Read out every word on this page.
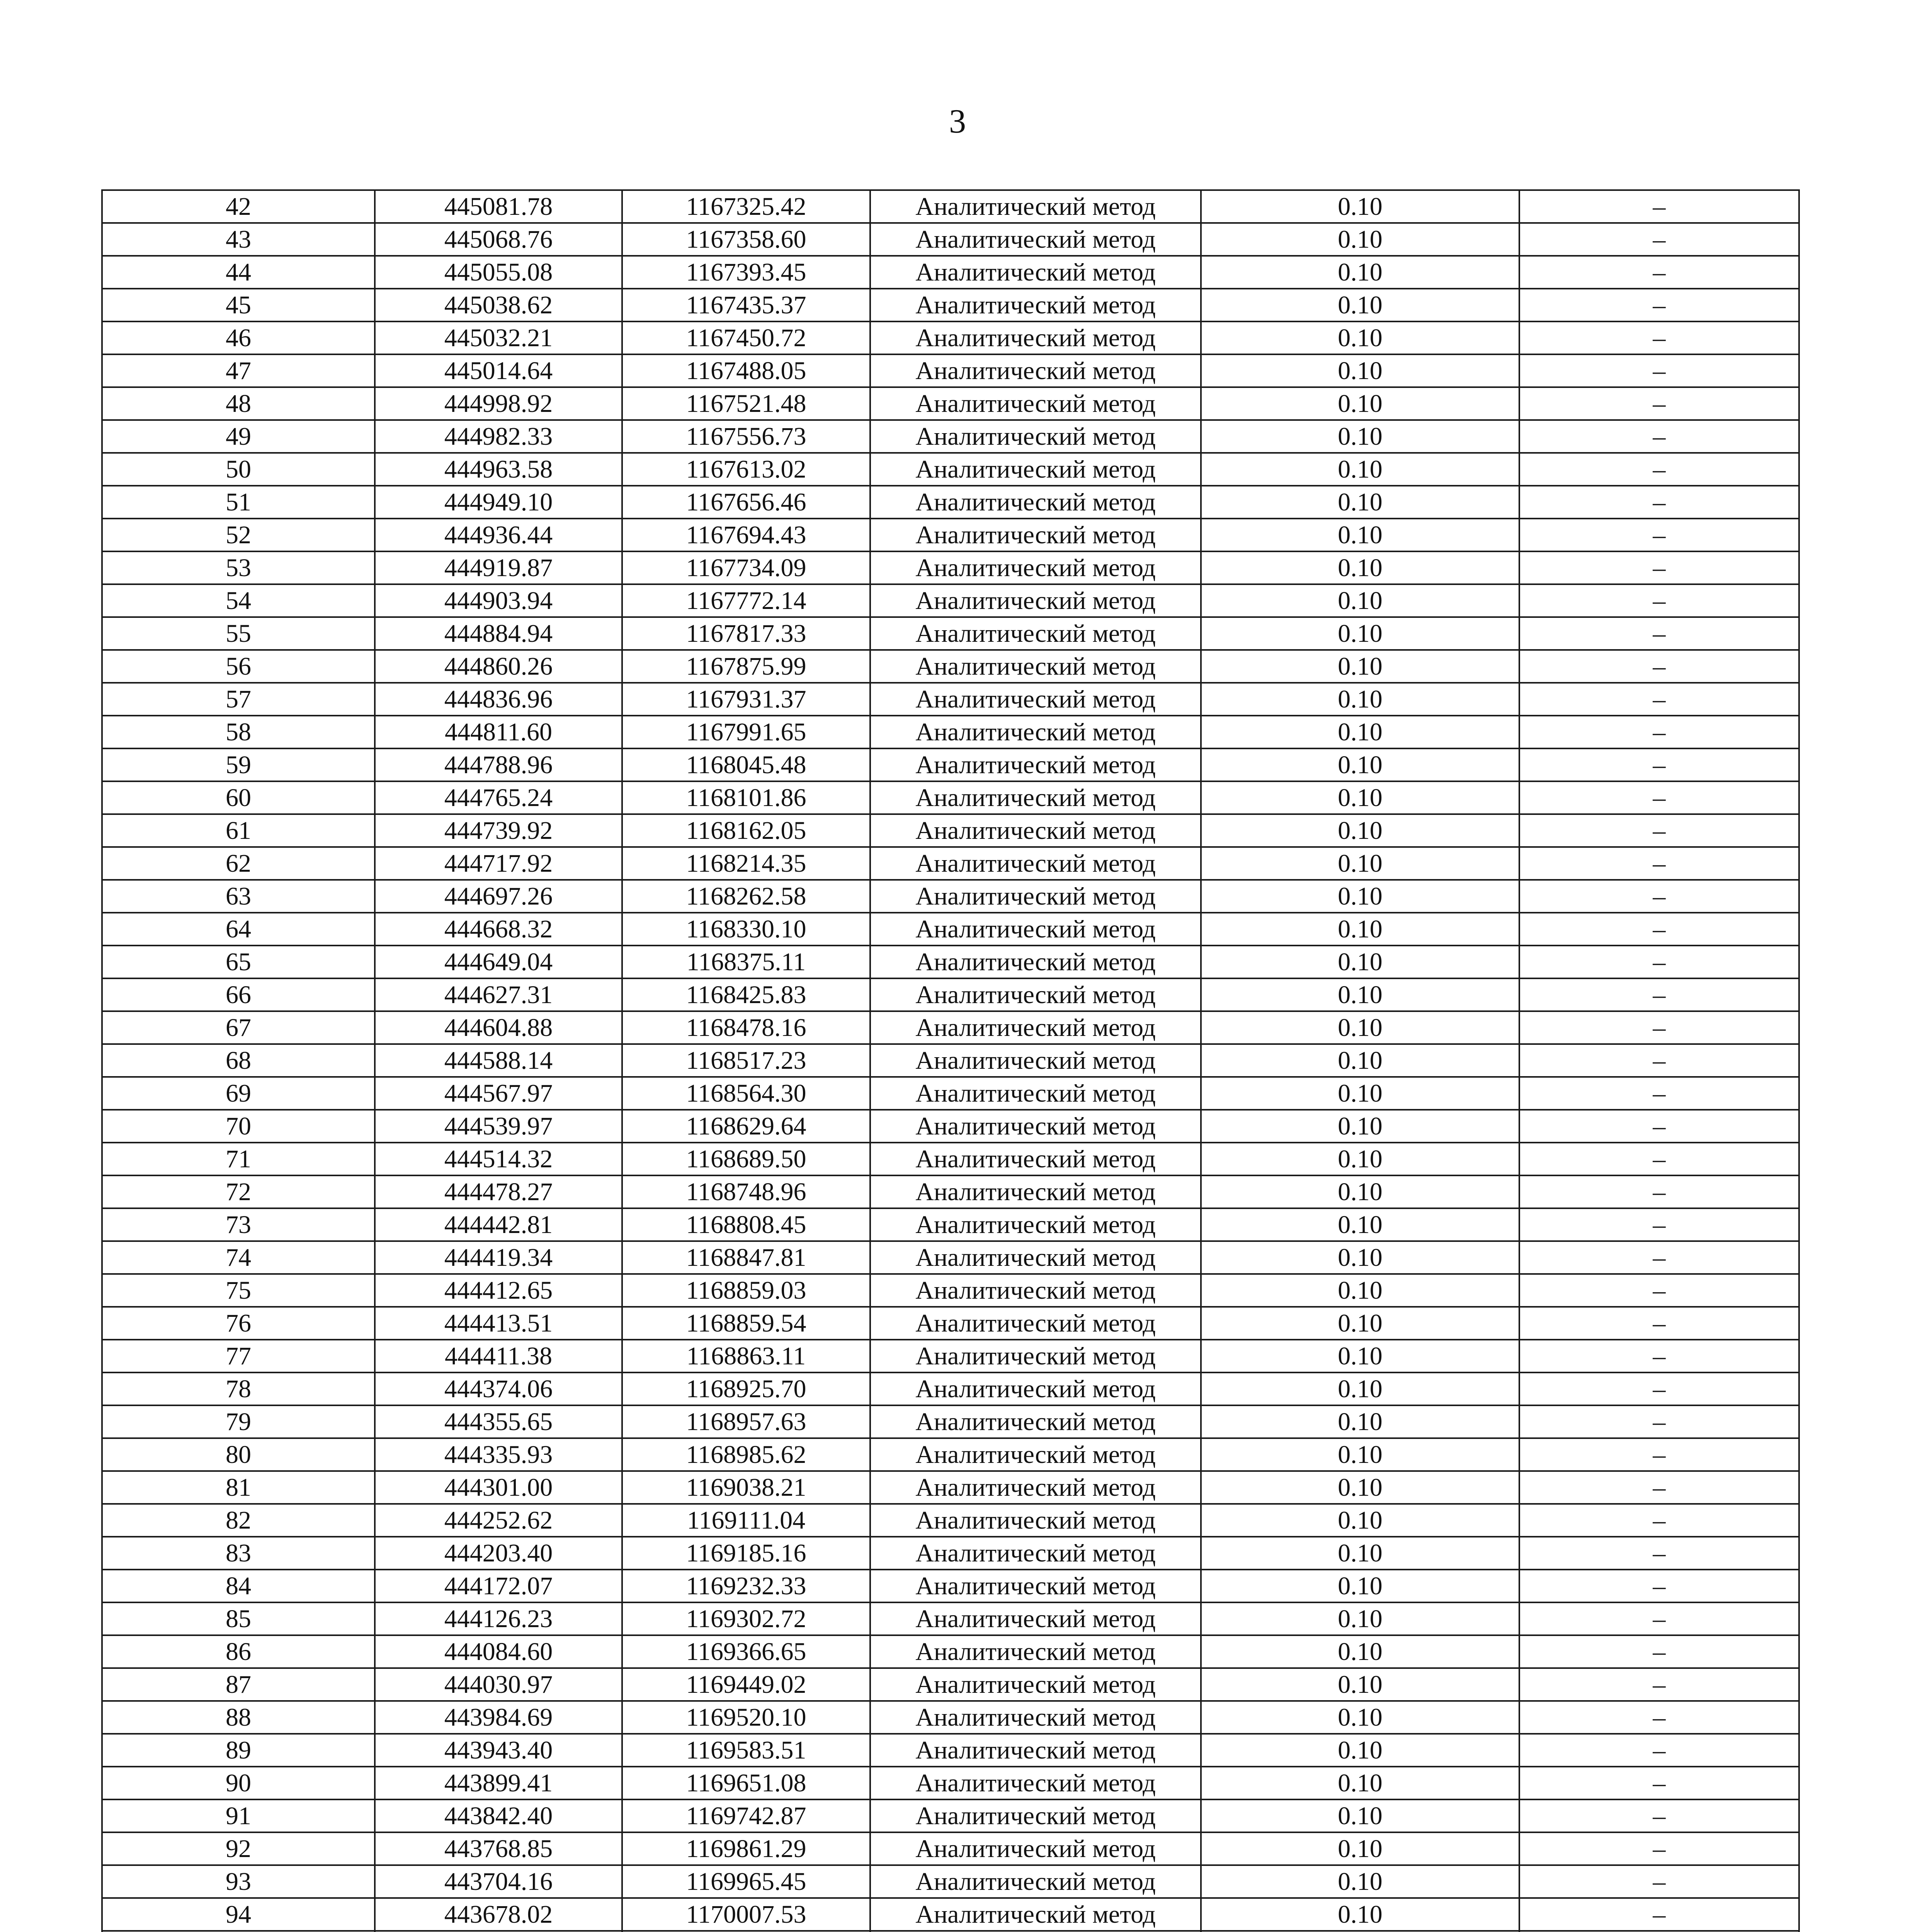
3
42	445081.78	1167325.42	Аналитический метод	0.10	–
43	445068.76	1167358.60	Аналитический метод	0.10	–
44	445055.08	1167393.45	Аналитический метод	0.10	–
45	445038.62	1167435.37	Аналитический метод	0.10	–
46	445032.21	1167450.72	Аналитический метод	0.10	–
47	445014.64	1167488.05	Аналитический метод	0.10	–
48	444998.92	1167521.48	Аналитический метод	0.10	–
49	444982.33	1167556.73	Аналитический метод	0.10	–
50	444963.58	1167613.02	Аналитический метод	0.10	–
51	444949.10	1167656.46	Аналитический метод	0.10	–
52	444936.44	1167694.43	Аналитический метод	0.10	–
53	444919.87	1167734.09	Аналитический метод	0.10	–
54	444903.94	1167772.14	Аналитический метод	0.10	–
55	444884.94	1167817.33	Аналитический метод	0.10	–
56	444860.26	1167875.99	Аналитический метод	0.10	–
57	444836.96	1167931.37	Аналитический метод	0.10	–
58	444811.60	1167991.65	Аналитический метод	0.10	–
59	444788.96	1168045.48	Аналитический метод	0.10	–
60	444765.24	1168101.86	Аналитический метод	0.10	–
61	444739.92	1168162.05	Аналитический метод	0.10	–
62	444717.92	1168214.35	Аналитический метод	0.10	–
63	444697.26	1168262.58	Аналитический метод	0.10	–
64	444668.32	1168330.10	Аналитический метод	0.10	–
65	444649.04	1168375.11	Аналитический метод	0.10	–
66	444627.31	1168425.83	Аналитический метод	0.10	–
67	444604.88	1168478.16	Аналитический метод	0.10	–
68	444588.14	1168517.23	Аналитический метод	0.10	–
69	444567.97	1168564.30	Аналитический метод	0.10	–
70	444539.97	1168629.64	Аналитический метод	0.10	–
71	444514.32	1168689.50	Аналитический метод	0.10	–
72	444478.27	1168748.96	Аналитический метод	0.10	–
73	444442.81	1168808.45	Аналитический метод	0.10	–
74	444419.34	1168847.81	Аналитический метод	0.10	–
75	444412.65	1168859.03	Аналитический метод	0.10	–
76	444413.51	1168859.54	Аналитический метод	0.10	–
77	444411.38	1168863.11	Аналитический метод	0.10	–
78	444374.06	1168925.70	Аналитический метод	0.10	–
79	444355.65	1168957.63	Аналитический метод	0.10	–
80	444335.93	1168985.62	Аналитический метод	0.10	–
81	444301.00	1169038.21	Аналитический метод	0.10	–
82	444252.62	1169111.04	Аналитический метод	0.10	–
83	444203.40	1169185.16	Аналитический метод	0.10	–
84	444172.07	1169232.33	Аналитический метод	0.10	–
85	444126.23	1169302.72	Аналитический метод	0.10	–
86	444084.60	1169366.65	Аналитический метод	0.10	–
87	444030.97	1169449.02	Аналитический метод	0.10	–
88	443984.69	1169520.10	Аналитический метод	0.10	–
89	443943.40	1169583.51	Аналитический метод	0.10	–
90	443899.41	1169651.08	Аналитический метод	0.10	–
91	443842.40	1169742.87	Аналитический метод	0.10	–
92	443768.85	1169861.29	Аналитический метод	0.10	–
93	443704.16	1169965.45	Аналитический метод	0.10	–
94	443678.02	1170007.53	Аналитический метод	0.10	–
